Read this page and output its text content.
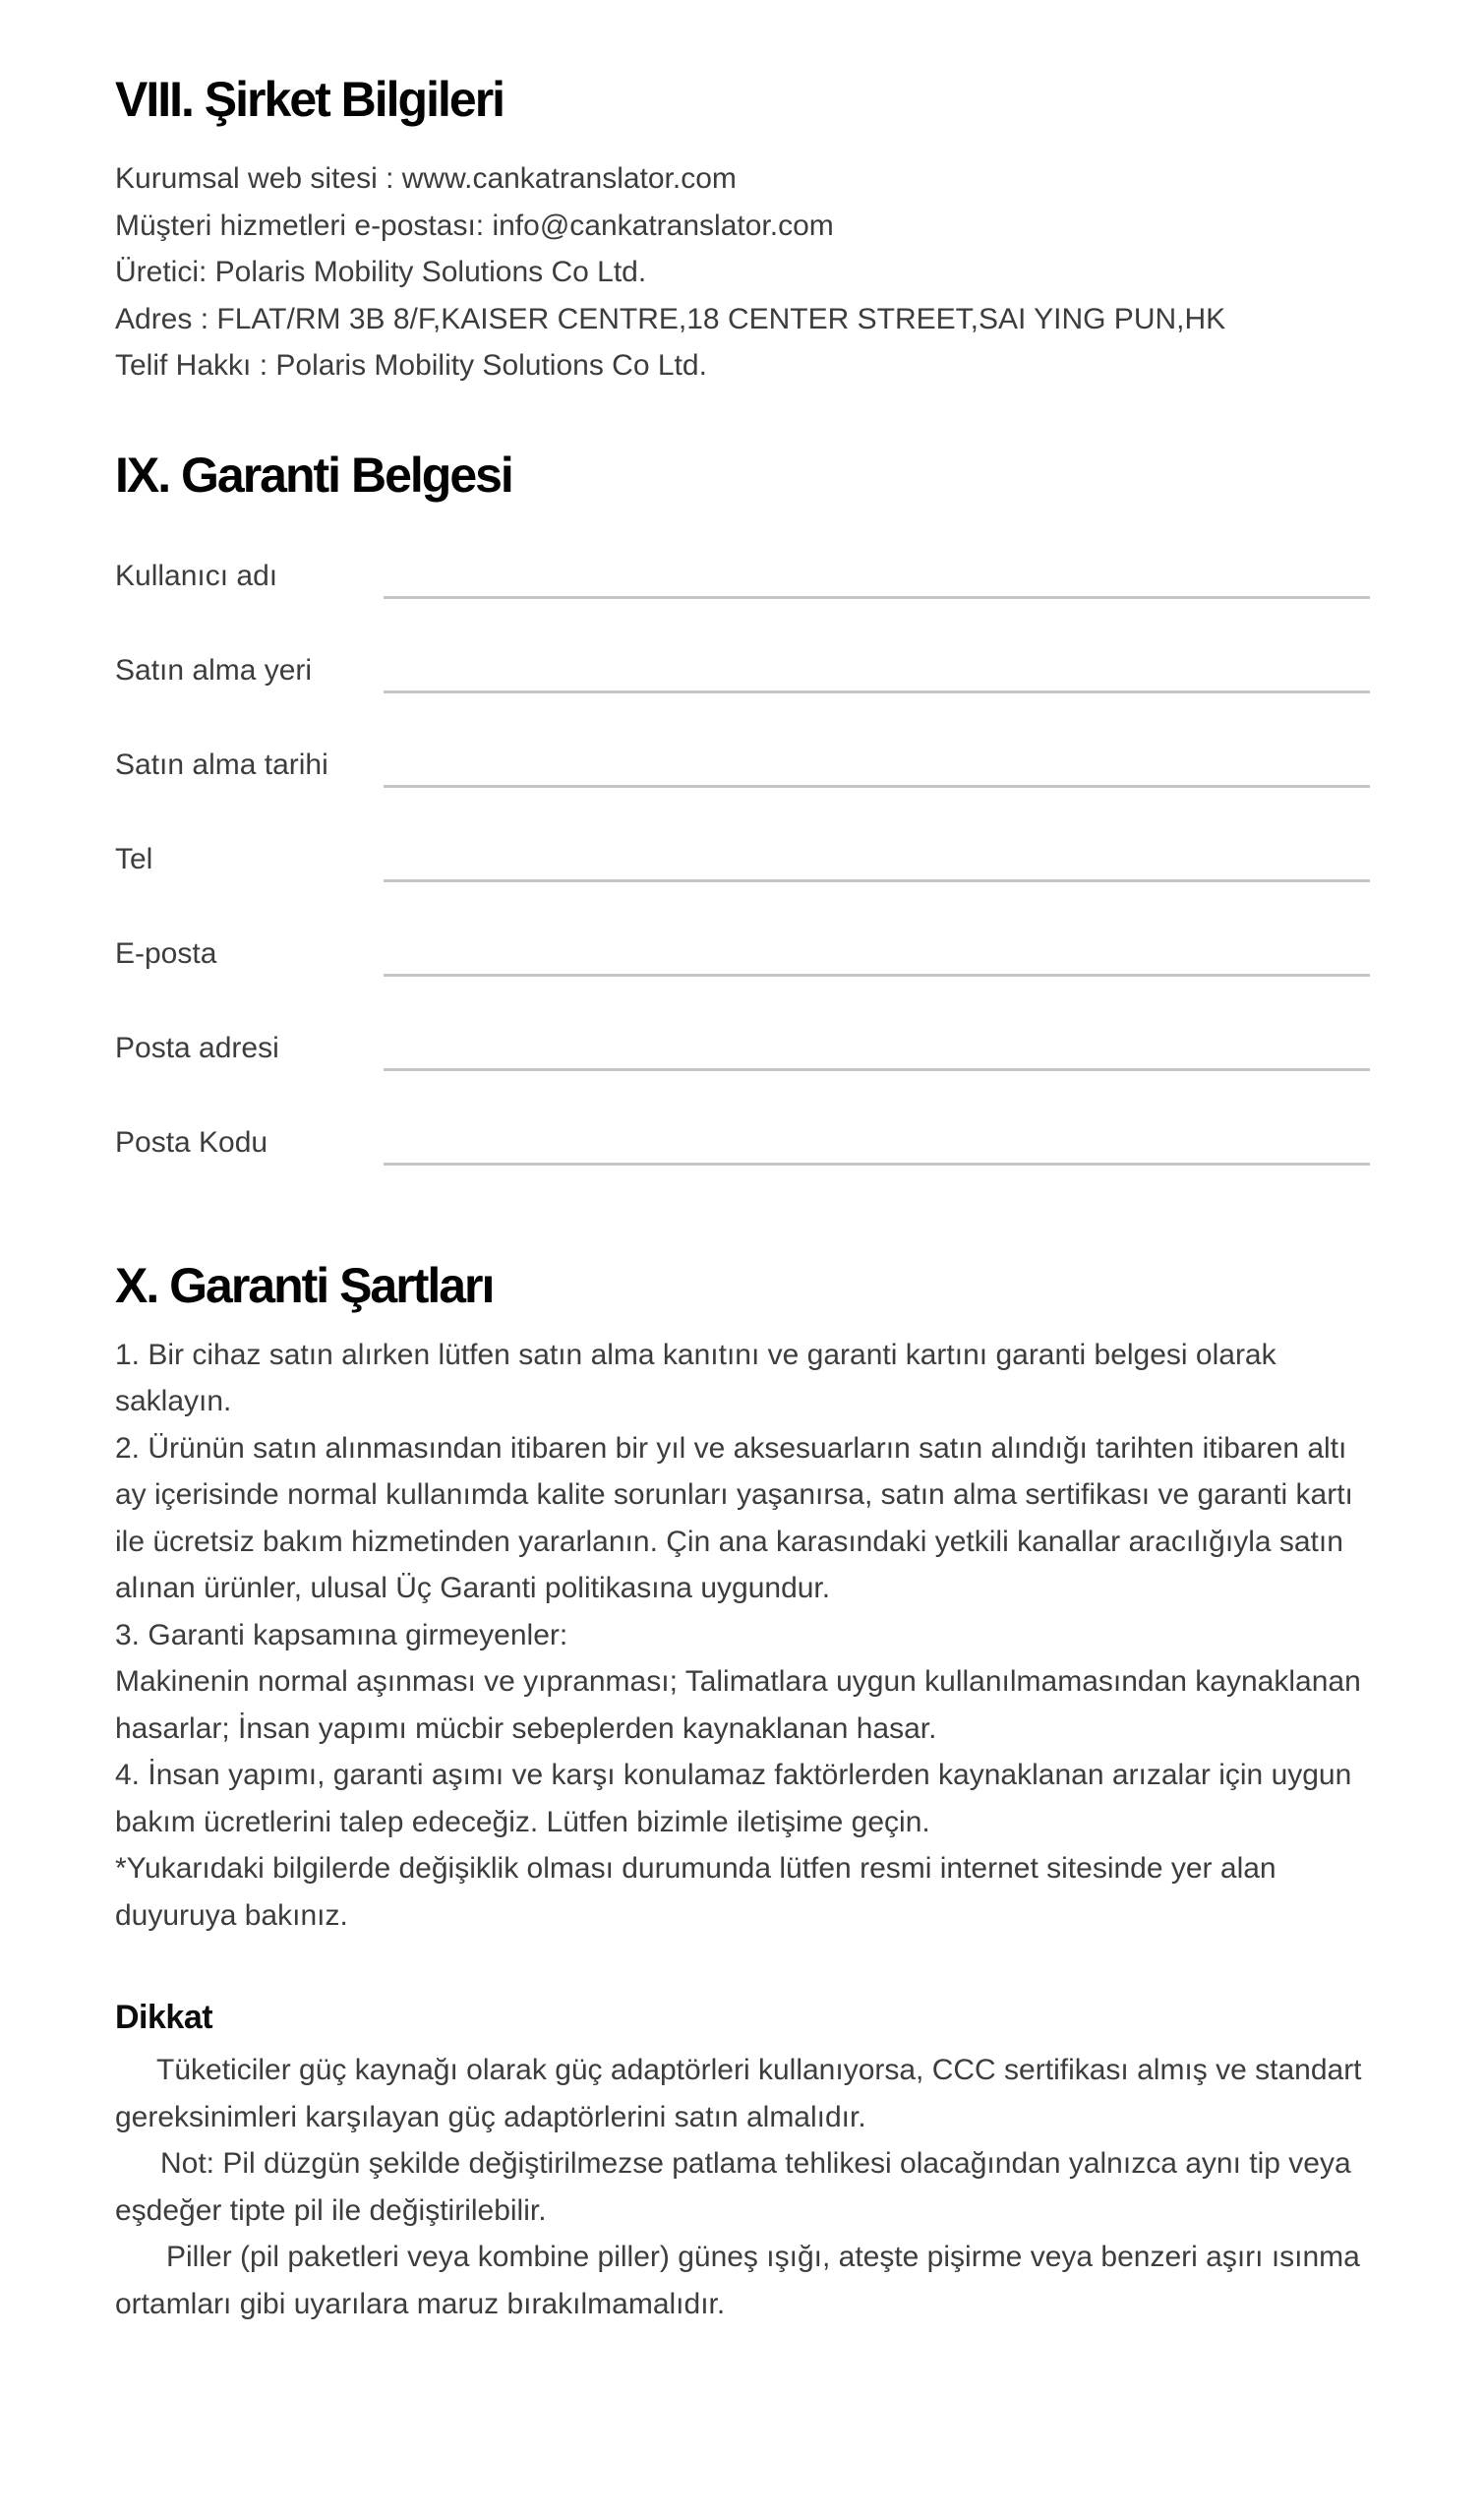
VIII. Şirket Bilgileri

Kurumsal web sitesi : www.cankatranslator.com

Müşteri hizmetleri e-postası: info@cankatranslator.com

Üretici: Polaris Mobility Solutions Co Ltd.

Adres : FLAT/RM 3B 8/F,KAISER CENTRE,18 CENTER STREET,SAI YING PUN,HK

Telif Hakkı : Polaris Mobility Solutions Co Ltd.

IX. Garanti Belgesi
Kullanıcı adı
Satın alma yeri
Satın alma tarihi
Tel
E-posta
Posta adresi
Posta Kodu
X. Garanti Şartları

1. Bir cihaz satın alırken lütfen satın alma kanıtını ve garanti kartını garanti belgesi olarak saklayın.

2. Ürünün satın alınmasından itibaren bir yıl ve aksesuarların satın alındığı tarihten itibaren altı ay içerisinde normal kullanımda kalite sorunları yaşanırsa, satın alma sertifikası ve garanti kartı ile ücretsiz bakım hizmetinden yararlanın. Çin ana karasındaki yetkili kanallar aracılığıyla satın alınan ürünler, ulusal Üç Garanti politikasına uygundur.

3. Garanti kapsamına girmeyenler:

Makinenin normal aşınması ve yıpranması; Talimatlara uygun kullanılmamasından kaynaklanan hasarlar; İnsan yapımı mücbir sebeplerden kaynaklanan hasar.

4. İnsan yapımı, garanti aşımı ve karşı konulamaz faktörlerden kaynaklanan arızalar için uygun bakım ücretlerini talep edeceğiz. Lütfen bizimle iletişime geçin.

*Yukarıdaki bilgilerde değişiklik olması durumunda lütfen resmi internet sitesinde yer alan duyuruya bakınız.

Dikkat

Tüketiciler güç kaynağı olarak güç adaptörleri kullanıyorsa, CCC sertifikası almış ve standart gereksinimleri karşılayan güç adaptörlerini satın almalıdır.

Not: Pil düzgün şekilde değiştirilmezse patlama tehlikesi olacağından yalnızca aynı tip veya eşdeğer tipte pil ile değiştirilebilir.

Piller (pil paketleri veya kombine piller) güneş ışığı, ateşte pişirme veya benzeri aşırı ısınma ortamları gibi uyarılara maruz bırakılmamalıdır.
